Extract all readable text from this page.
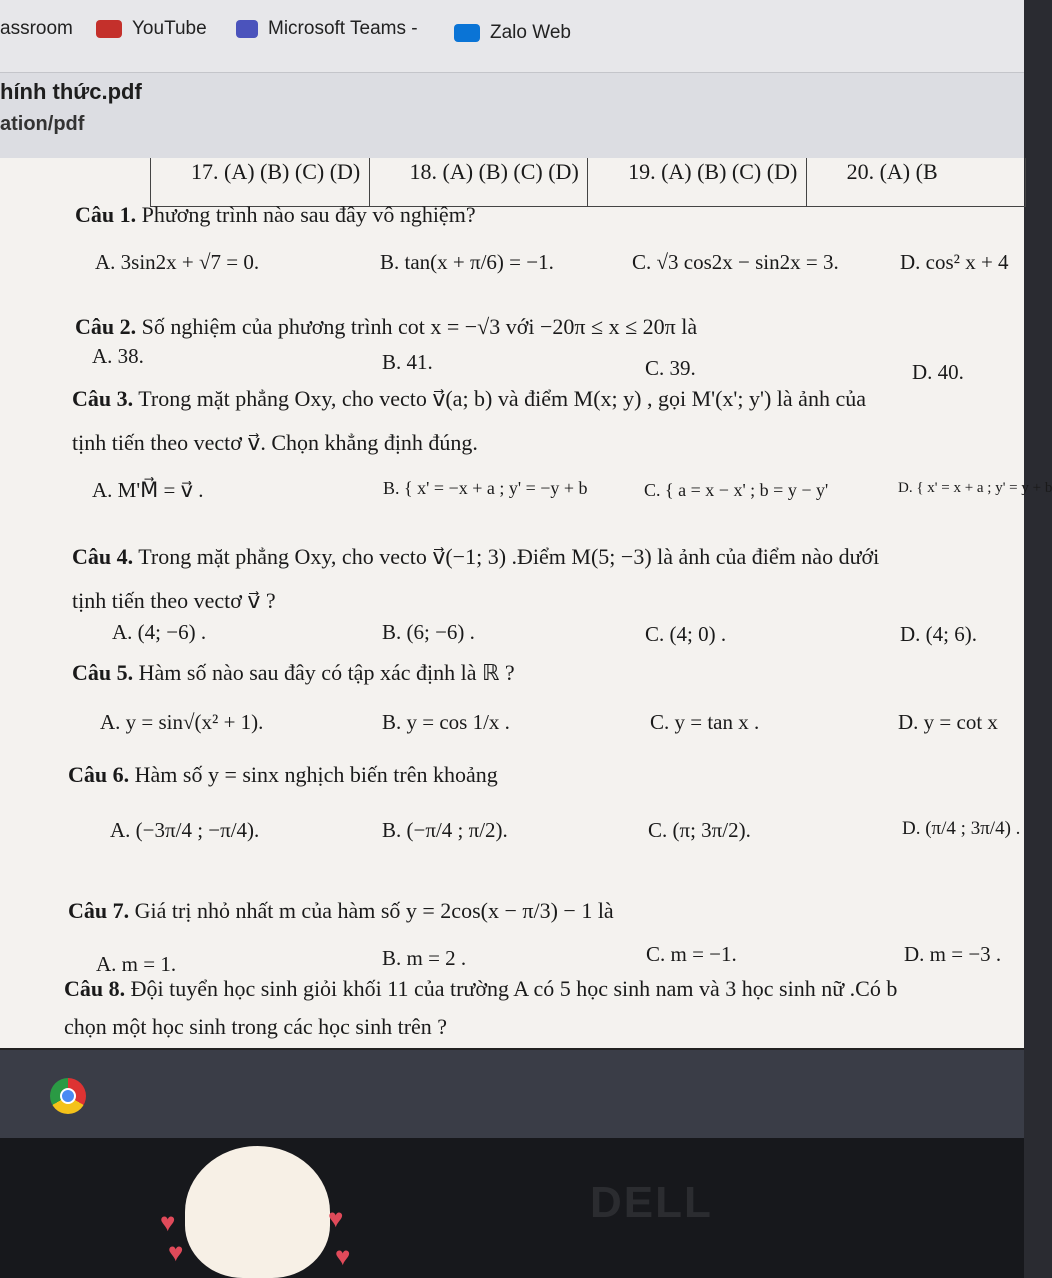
assroom	YouTube	Microsoft Teams -	Zalo Web
hính thức.pdf
ation/pdf
17. (A) (B) (C) (D)	18. (A) (B) (C) (D)	19. (A) (B) (C) (D)	20. (A) (B
Câu 1. Phương trình nào sau đây vô nghiệm?
A. 3sin2x + √7 = 0.	B. tan(x + π/6) = −1.	C. √3 cos2x − sin2x = 3.	D. cos² x + 4
Câu 2. Số nghiệm của phương trình cot x = −√3 với −20π ≤ x ≤ 20π là
A. 38.	B. 41.	C. 39.	D. 40.
Câu 3. Trong mặt phẳng Oxy, cho vecto v⃗(a; b) và điểm M(x; y) , gọi M'(x'; y') là ảnh của
tịnh tiến theo vectơ v⃗. Chọn khẳng định đúng.
A. M'M⃗ = v⃗ .	B. { x' = −x + a ; y' = −y + b	C. { a = x − x' ; b = y − y'	D. { x' = x + a ; y' = y + b
Câu 4. Trong mặt phẳng Oxy, cho vecto v⃗(−1; 3) .Điểm M(5; −3) là ảnh của điểm nào dưới
tịnh tiến theo vectơ v⃗ ?
A. (4; −6) .	B. (6; −6) .	C. (4; 0) .	D. (4; 6).
Câu 5. Hàm số nào sau đây có tập xác định là ℝ ?
A. y = sin√(x² + 1).	B. y = cos 1/x .	C. y = tan x .	D. y = cot x
Câu 6. Hàm số y = sinx nghịch biến trên khoảng
A. (−3π/4 ; −π/4).	B. (−π/4 ; π/2).	C. (π; 3π/2).	D. (π/4 ; 3π/4) .
Câu 7. Giá trị nhỏ nhất m của hàm số y = 2cos(x − π/3) − 1 là
A. m = 1.	B. m = 2 .	C. m = −1.	D. m = −3 .
Câu 8. Đội tuyển học sinh giỏi khối 11 của trường A có 5 học sinh nam và 3 học sinh nữ .Có b
chọn một học sinh trong các học sinh trên ?
♥	♥
♥	♥
DELL
